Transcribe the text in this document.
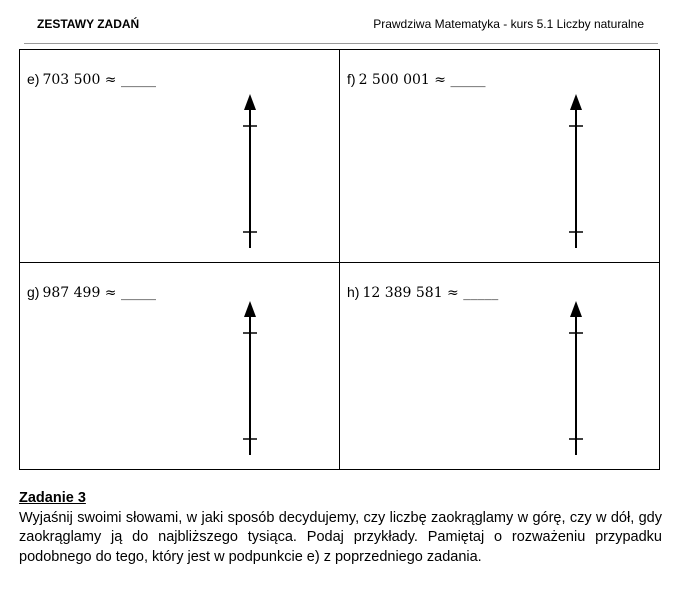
ZESTAWY ZADAŃ	Prawdziwa Matematyka - kurs 5.1 Liczby naturalne
e) 703 500 ≈ _____	f) 2 500 001 ≈ _____
g) 987 499 ≈ _____	h) 12 389 581 ≈ _____
Zadanie 3
Wyjaśnij swoimi słowami, w jaki sposób decydujemy, czy liczbę zaokrąglamy w górę, czy w dół, gdy zaokrąglamy ją do najbliższego tysiąca. Podaj przykłady. Pamiętaj o rozważeniu przypadku podobnego do tego, który jest w podpunkcie e) z poprzedniego zadania.
